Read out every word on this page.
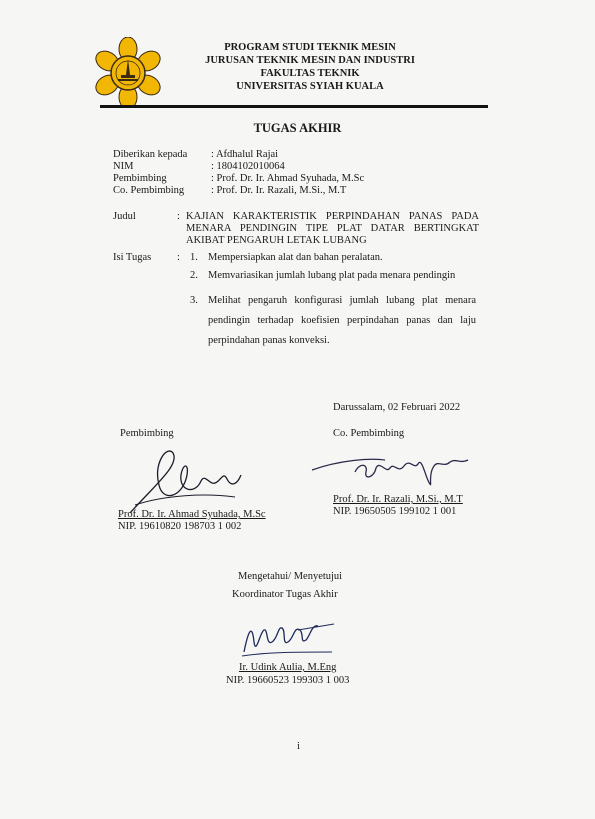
PROGRAM STUDI TEKNIK MESIN
JURUSAN TEKNIK MESIN DAN INDUSTRI
FAKULTAS TEKNIK
UNIVERSITAS SYIAH KUALA
TUGAS AKHIR
Diberikan kepada : Afdhalul Rajai
NIM	: 1804102010064
Pembimbing	: Prof. Dr. Ir. Ahmad Syuhada, M.Sc
Co. Pembimbing	: Prof. Dr. Ir. Razali, M.Si., M.T
Judul	: KAJIAN KARAKTERISTIK PERPINDAHAN PANAS PADA
MENARA PENDINGIN TIPE PLAT DATAR BERTINGKAT
AKIBAT PENGARUH LETAK LUBANG
Isi Tugas : 1. Mempersiapkan alat dan bahan peralatan.
2. Memvariasikan jumlah lubang plat pada menara pendingin
3. Melihat pengaruh konfigurasi jumlah lubang plat menara
pendingin terhadap koefisien perpindahan panas dan laju
perpindahan panas konveksi.
Darussalam, 02 Februari 2022
Pembimbing
Prof. Dr. Ir. Ahmad Syuhada, M.Sc
NIP. 19610820 198703 1 002
Co. Pembimbing
Prof. Dr. Ir. Razali, M.Si., M.T
NIP. 19650505 199102 1 001
Mengetahui/ Menyetujui
Koordinator Tugas Akhir
Ir. Udink Aulia, M.Eng
NIP. 19660523 199303 1 003
i
